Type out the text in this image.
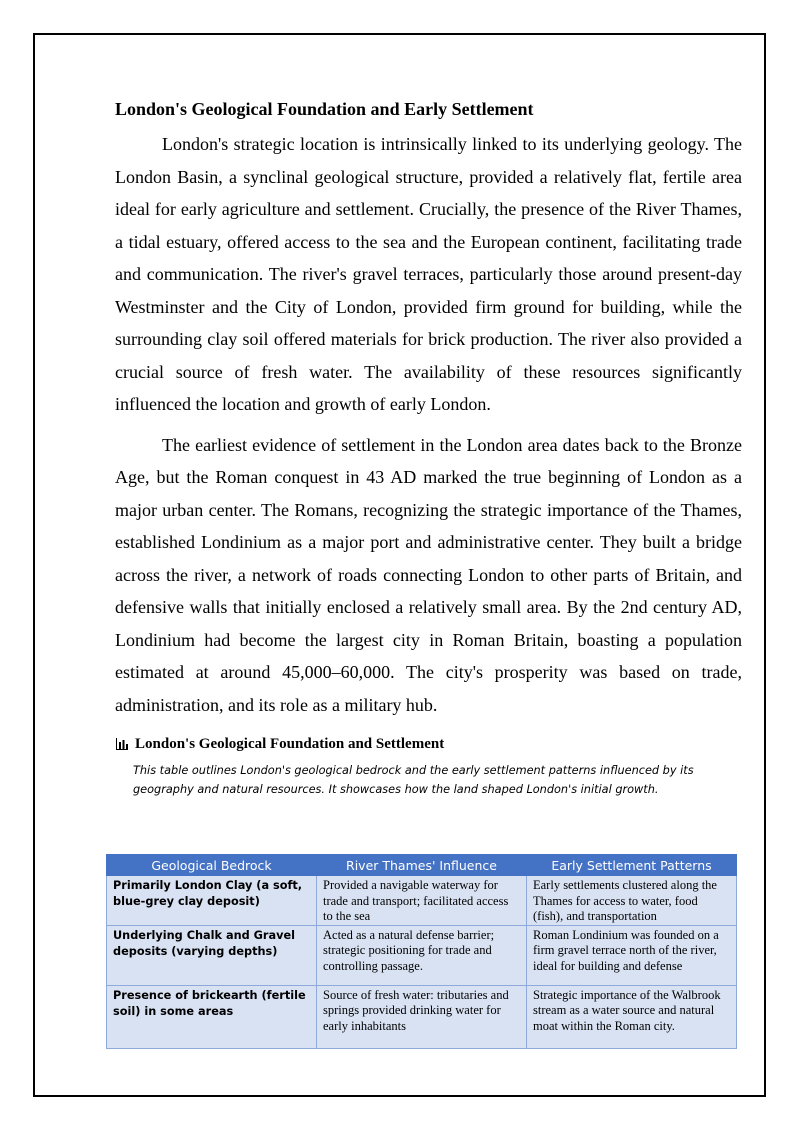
London's Geological Foundation and Early Settlement

London's strategic location is intrinsically linked to its underlying geology. The London Basin, a synclinal geological structure, provided a relatively flat, fertile area ideal for early agriculture and settlement. Crucially, the presence of the River Thames, a tidal estuary, offered access to the sea and the European continent, facilitating trade and communication. The river's gravel terraces, particularly those around present-day Westminster and the City of London, provided firm ground for building, while the surrounding clay soil offered materials for brick production. The river also provided a crucial source of fresh water. The availability of these resources significantly influenced the location and growth of early London.

The earliest evidence of settlement in the London area dates back to the Bronze Age, but the Roman conquest in 43 AD marked the true beginning of London as a major urban center. The Romans, recognizing the strategic importance of the Thames, established Londinium as a major port and administrative center. They built a bridge across the river, a network of roads connecting London to other parts of Britain, and defensive walls that initially enclosed a relatively small area. By the 2nd century AD, Londinium had become the largest city in Roman Britain, boasting a population estimated at around 45,000–60,000. The city's prosperity was based on trade, administration, and its role as a military hub.

London's Geological Foundation and Settlement
This table outlines London's geological bedrock and the early settlement patterns influenced by its geography and natural resources. It showcases how the land shaped London's initial growth.
Geological Bedrock	River Thames' Influence	Early Settlement Patterns
Primarily London Clay (a soft, blue-grey clay deposit)	Provided a navigable waterway for trade and transport; facilitated access to the sea	Early settlements clustered along the Thames for access to water, food (fish), and transportation
Underlying Chalk and Gravel deposits (varying depths)	Acted as a natural defense barrier; strategic positioning for trade and controlling passage.	Roman Londinium was founded on a firm gravel terrace north of the river, ideal for building and defense
Presence of brickearth (fertile soil) in some areas	Source of fresh water: tributaries and springs provided drinking water for early inhabitants	Strategic importance of the Walbrook stream as a water source and natural moat within the Roman city.
